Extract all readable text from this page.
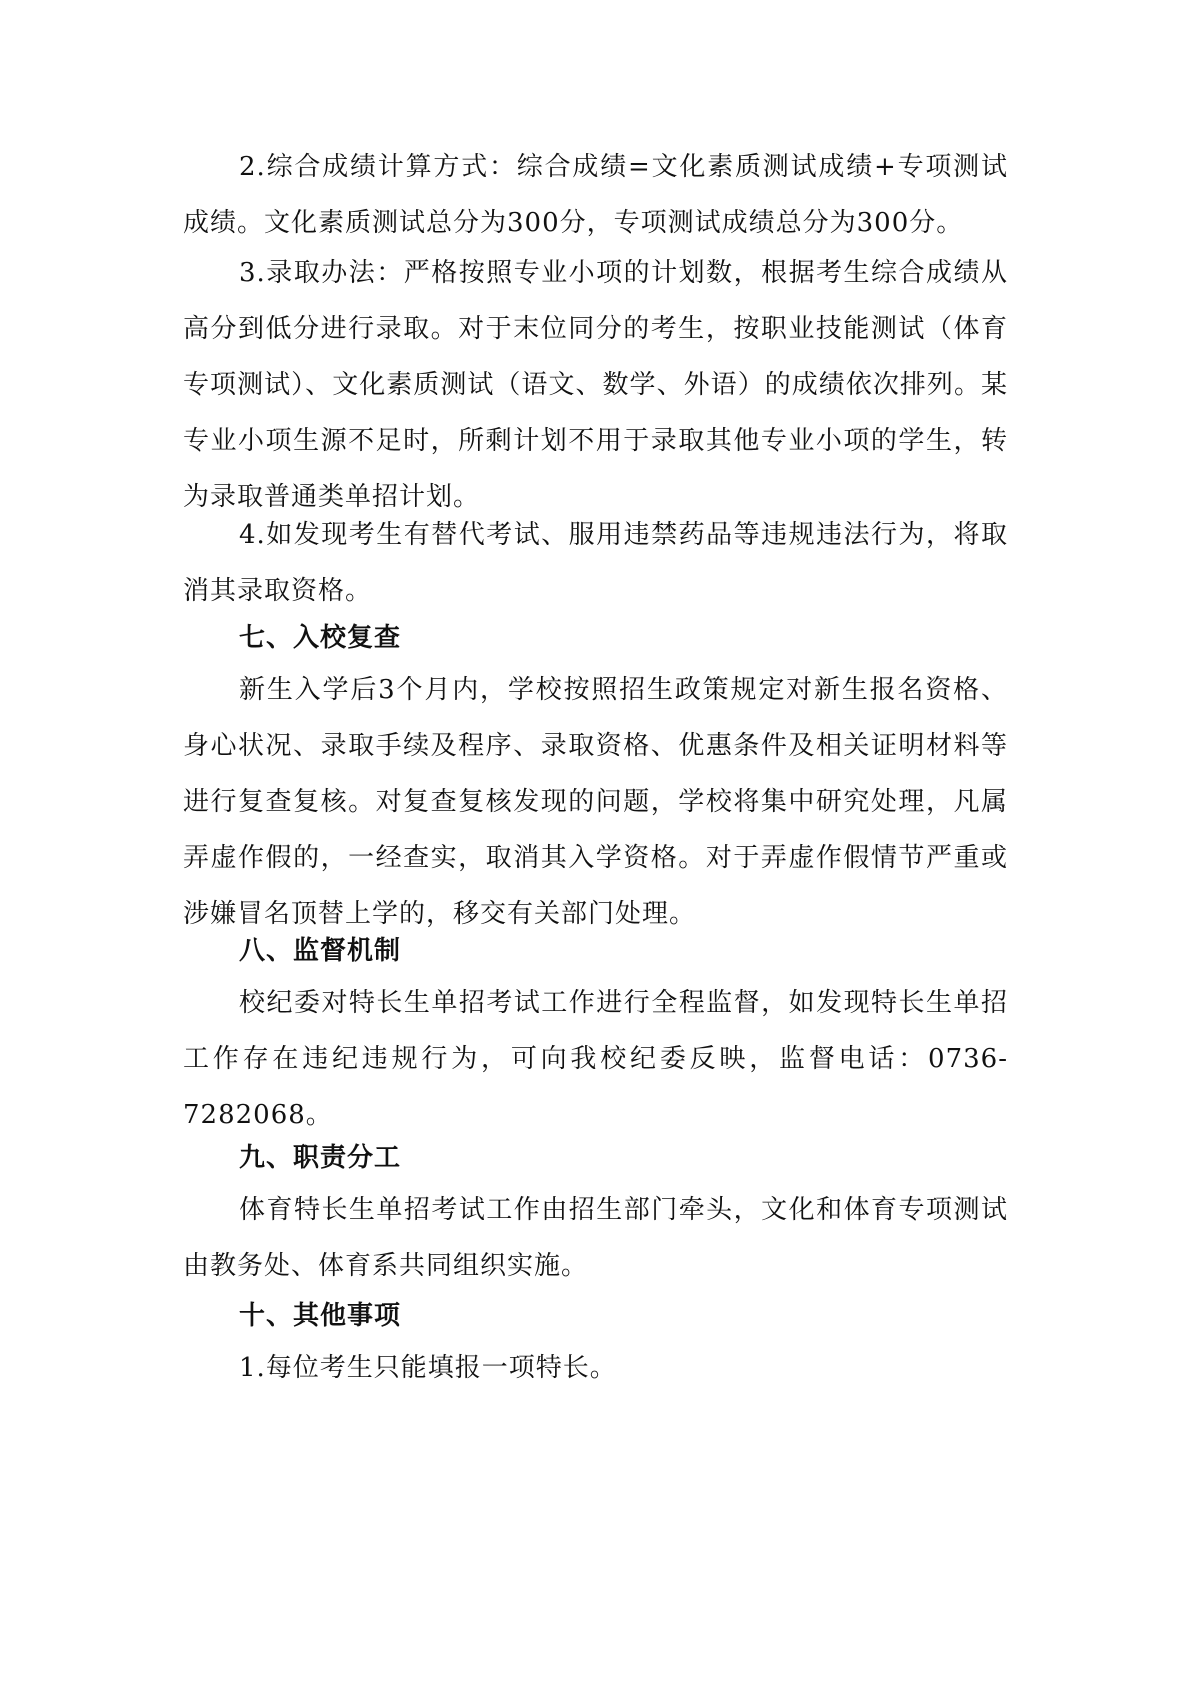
2.综合成绩计算方式：综合成绩=文化素质测试成绩+专项测试成绩。文化素质测试总分为300分，专项测试成绩总分为300分。

3.录取办法：严格按照专业小项的计划数，根据考生综合成绩从高分到低分进行录取。对于末位同分的考生，按职业技能测试（体育专项测试）、文化素质测试（语文、数学、外语）的成绩依次排列。某专业小项生源不足时，所剩计划不用于录取其他专业小项的学生，转为录取普通类单招计划。

4.如发现考生有替代考试、服用违禁药品等违规违法行为，将取消其录取资格。

七、入校复查

新生入学后3个月内，学校按照招生政策规定对新生报名资格、身心状况、录取手续及程序、录取资格、优惠条件及相关证明材料等进行复查复核。对复查复核发现的问题，学校将集中研究处理，凡属弄虚作假的，一经查实，取消其入学资格。对于弄虚作假情节严重或涉嫌冒名顶替上学的，移交有关部门处理。

八、监督机制

校纪委对特长生单招考试工作进行全程监督，如发现特长生单招工作存在违纪违规行为，可向我校纪委反映，监督电话：0736-7282068。

九、职责分工

体育特长生单招考试工作由招生部门牵头，文化和体育专项测试由教务处、体育系共同组织实施。

十、其他事项

1.每位考生只能填报一项特长。
